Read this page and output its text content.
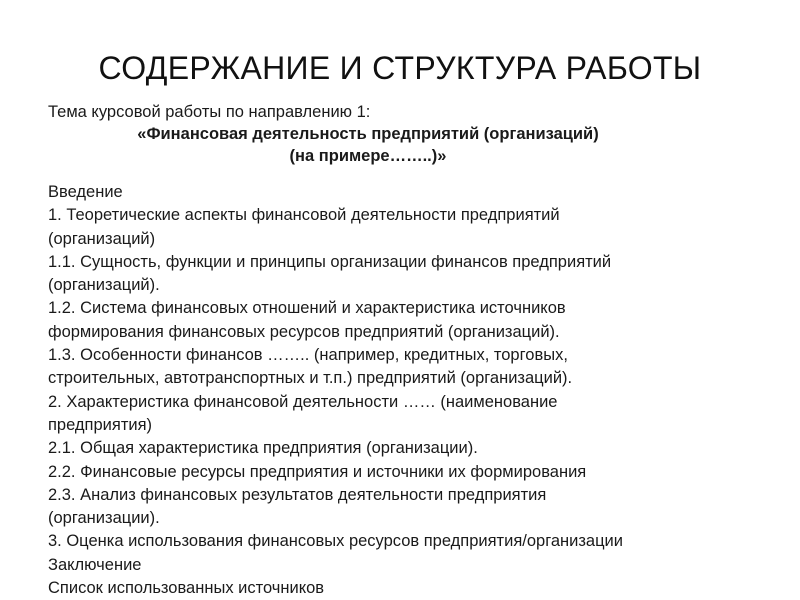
СОДЕРЖАНИЕ И СТРУКТУРА РАБОТЫ
Тема курсовой работы по направлению 1:
«Финансовая деятельность предприятий (организаций)
(на примере……..)»
Введение
1. Теоретические аспекты финансовой деятельности предприятий
(организаций)
1.1. Сущность, функции и принципы организации финансов предприятий
(организаций).
1.2. Система финансовых отношений и характеристика источников
формирования финансовых ресурсов предприятий (организаций).
1.3. Особенности финансов …….. (например, кредитных, торговых,
строительных, автотранспортных и т.п.) предприятий (организаций).
2. Характеристика финансовой деятельности …… (наименование
предприятия)
2.1. Общая характеристика предприятия (организации).
2.2. Финансовые ресурсы предприятия и источники их формирования
2.3. Анализ финансовых результатов деятельности предприятия
(организации).
3. Оценка использования финансовых ресурсов предприятия/организации
Заключение
Список использованных источников
